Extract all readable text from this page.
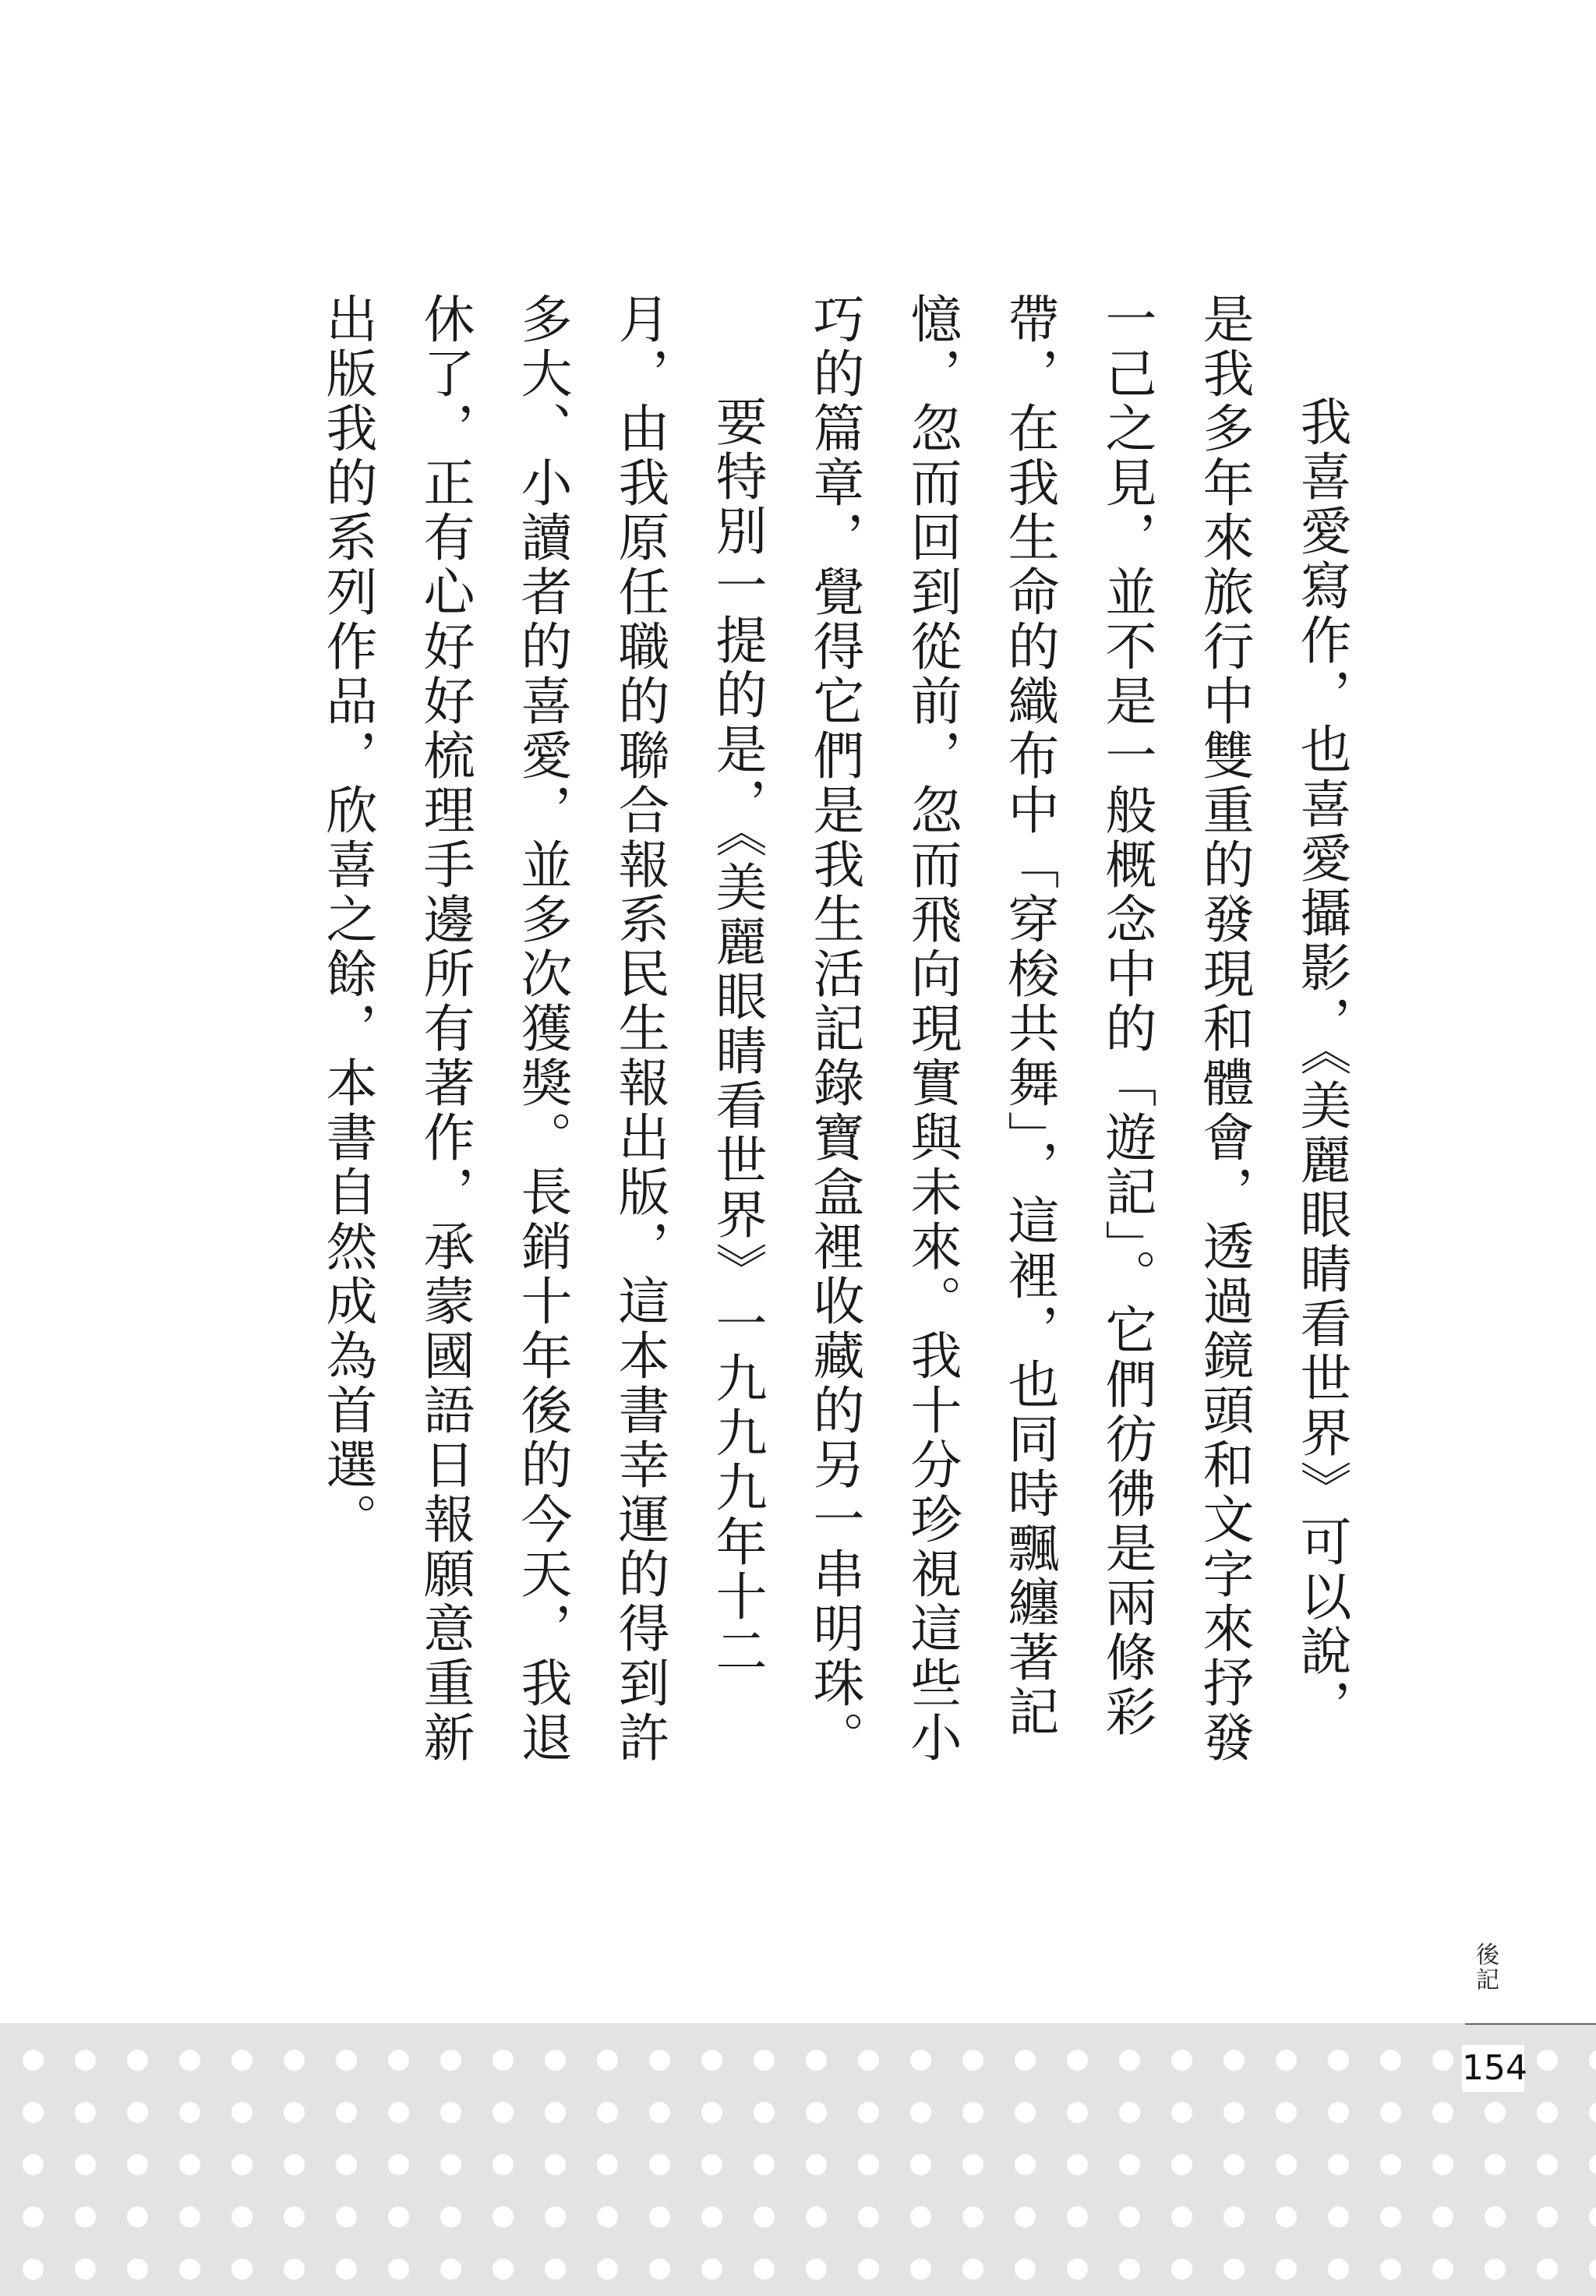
我喜愛寫作，也喜愛攝影，《美麗眼睛看世界》可以說，是我多年來旅行中雙重的發現和體會，透過鏡頭和文字來抒發一己之見，並不是一般概念中的「遊記」。它們彷彿是兩條彩帶，在我生命的織布中「穿梭共舞」，這裡，也同時飄纏著記憶，忽而回到從前，忽而飛向現實與未來。我十分珍視這些小巧的篇章，覺得它們是我生活記錄寶盒裡收藏的另一串明珠。

要特別一提的是，《美麗眼睛看世界》一九九九年十二月，由我原任職的聯合報系民生報出版，這本書幸運的得到許多大、小讀者的喜愛，並多次獲獎。長銷十年後的今天，我退休了，正有心好好梳理手邊所有著作，承蒙國語日報願意重新出版我的系列作品，欣喜之餘，本書自然成為首選。

後記
154
